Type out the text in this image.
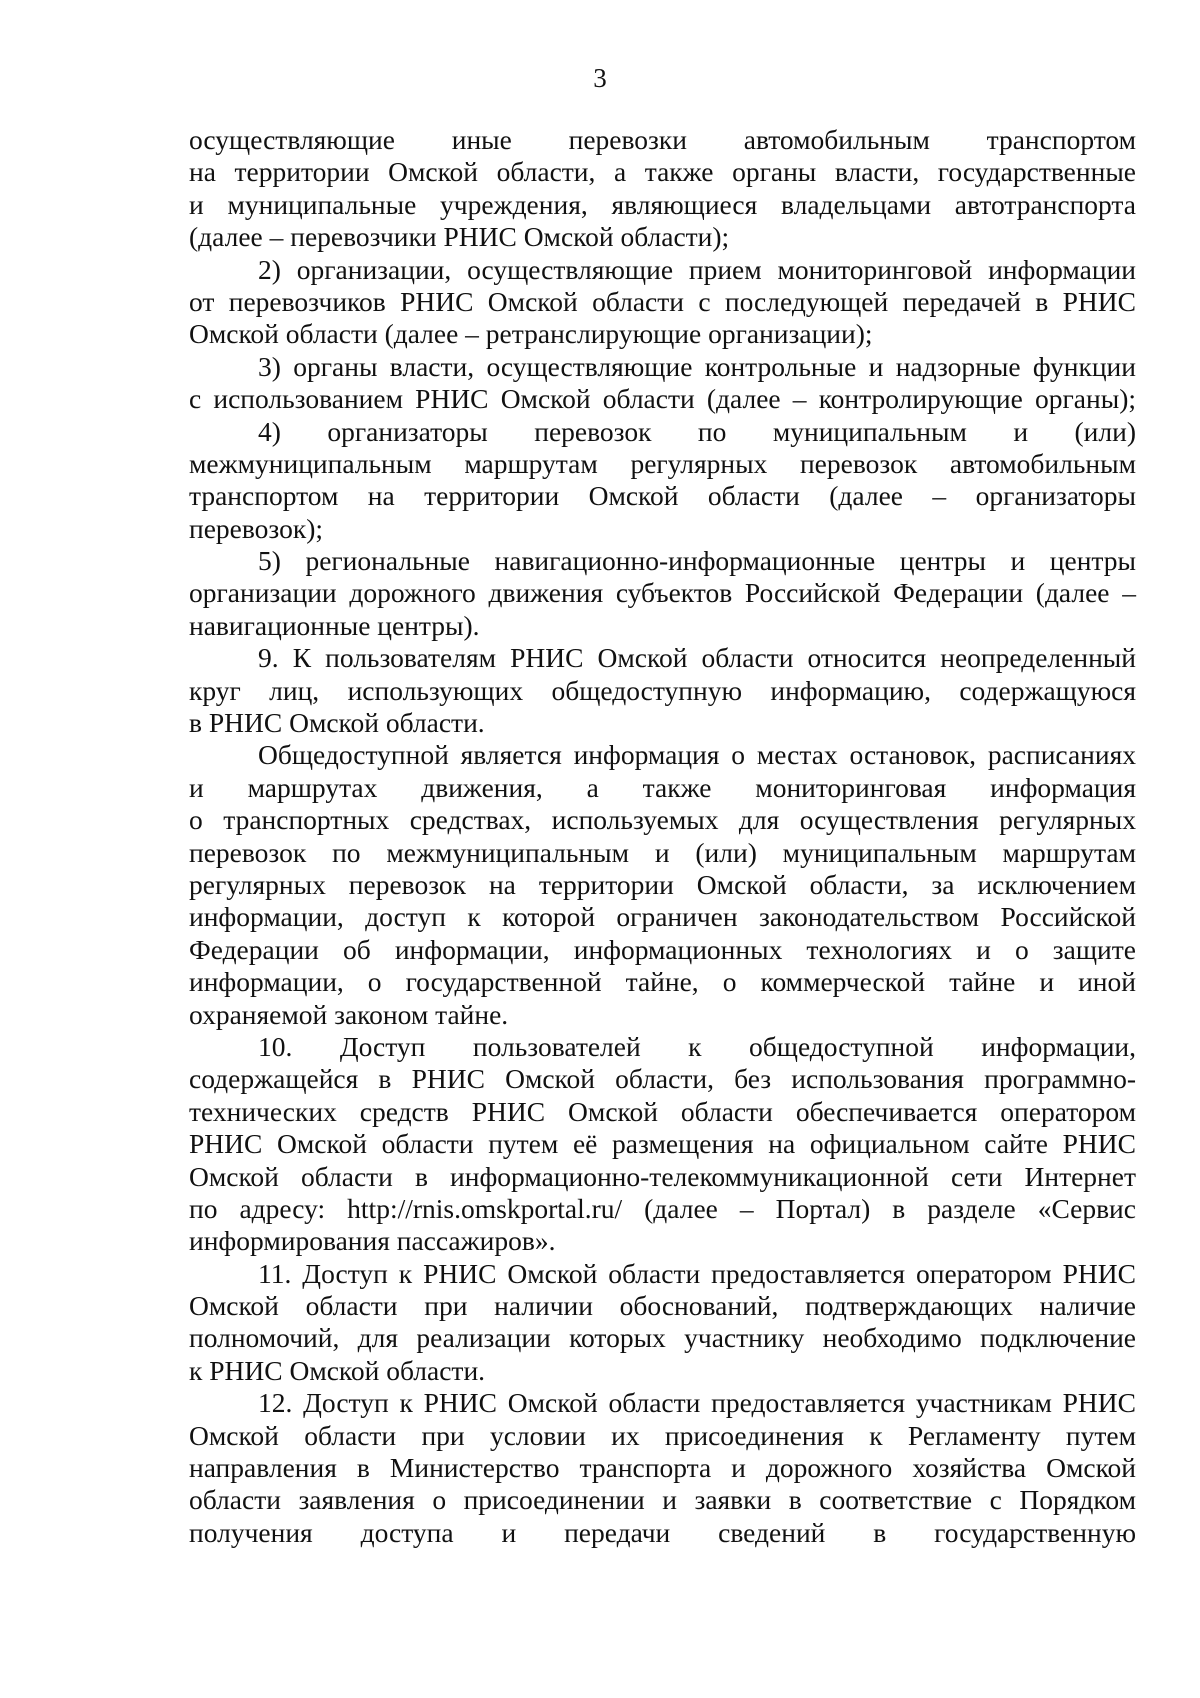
3
осуществляющие иные перевозки автомобильным транспортом
на территории Омской области, а также органы власти, государственные
и муниципальные учреждения, являющиеся владельцами автотранспорта
(далее – перевозчики РНИС Омской области);
2) организации, осуществляющие прием мониторинговой информации
от перевозчиков РНИС Омской области с последующей передачей в РНИС
Омской области (далее – ретранслирующие организации);
3) органы власти, осуществляющие контрольные и надзорные функции
с использованием РНИС Омской области (далее – контролирующие органы);
4) организаторы перевозок по муниципальным и (или)
межмуниципальным маршрутам регулярных перевозок автомобильным
транспортом на территории Омской области (далее – организаторы
перевозок);
5) региональные навигационно-информационные центры и центры
организации дорожного движения субъектов Российской Федерации (далее –
навигационные центры).
9. К пользователям РНИС Омской области относится неопределенный
круг лиц, использующих общедоступную информацию, содержащуюся
в РНИС Омской области.
Общедоступной является информация о местах остановок, расписаниях
и маршрутах движения, а также мониторинговая информация
о транспортных средствах, используемых для осуществления регулярных
перевозок по межмуниципальным и (или) муниципальным маршрутам
регулярных перевозок на территории Омской области, за исключением
информации, доступ к которой ограничен законодательством Российской
Федерации об информации, информационных технологиях и о защите
информации, о государственной тайне, о коммерческой тайне и иной
охраняемой законом тайне.
10. Доступ пользователей к общедоступной информации,
содержащейся в РНИС Омской области, без использования программно-
технических средств РНИС Омской области обеспечивается оператором
РНИС Омской области путем её размещения на официальном сайте РНИС
Омской области в информационно-телекоммуникационной сети Интернет
по адресу: http://rnis.omskportal.ru/ (далее – Портал) в разделе «Сервис
информирования пассажиров».
11. Доступ к РНИС Омской области предоставляется оператором РНИС
Омской области при наличии обоснований, подтверждающих наличие
полномочий, для реализации которых участнику необходимо подключение
к РНИС Омской области.
12. Доступ к РНИС Омской области предоставляется участникам РНИС
Омской области при условии их присоединения к Регламенту путем
направления в Министерство транспорта и дорожного хозяйства Омской
области заявления о присоединении и заявки в соответствие с Порядком
получения доступа и передачи сведений в государственную
